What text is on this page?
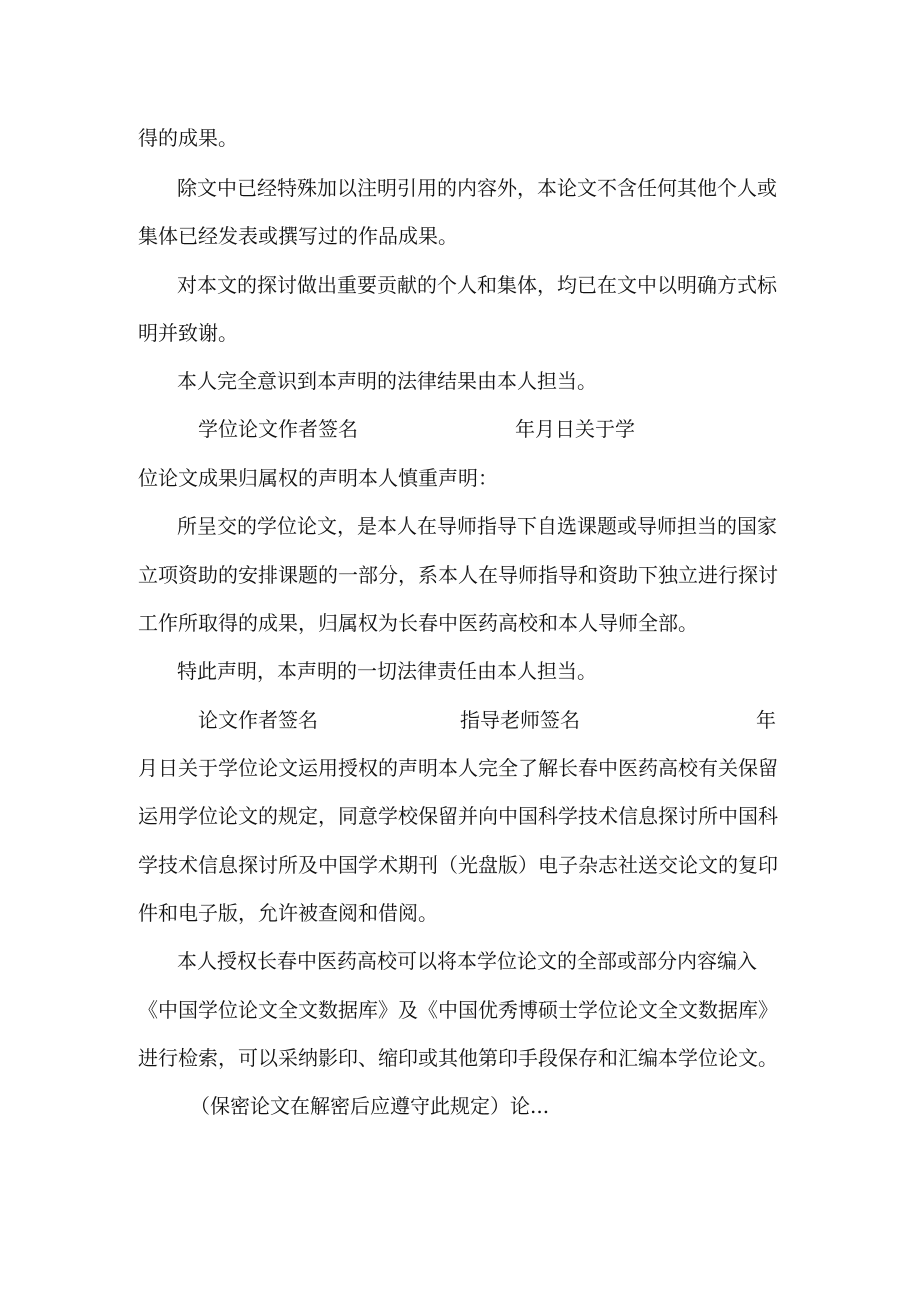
得的成果。
除文中已经特殊加以注明引用的内容外，本论文不含任何其他个人或
集体已经发表或撰写过的作品成果。
对本文的探讨做出重要贡献的个人和集体，均已在文中以明确方式标
明并致谢。
本人完全意识到本声明的法律结果由本人担当。
学位论文作者签名	年月日关于学
位论文成果归属权的声明本人慎重声明：
所呈交的学位论文，是本人在导师指导下自选课题或导师担当的国家
立项资助的安排课题的一部分，系本人在导师指导和资助下独立进行探讨
工作所取得的成果，归属权为长春中医药高校和本人导师全部。
特此声明，本声明的一切法律责任由本人担当。
论文作者签名	指导老师签名	年
月日关于学位论文运用授权的声明本人完全了解长春中医药高校有关保留
运用学位论文的规定，同意学校保留并向中国科学技术信息探讨所中国科
学技术信息探讨所及中国学术期刊（光盘版）电子杂志社送交论文的复印
件和电子版，允许被查阅和借阅。
本人授权长春中医药高校可以将本学位论文的全部或部分内容编入
《中国学位论文全文数据库》及《中国优秀博硕士学位论文全文数据库》
进行检索，可以采纳影印、缩印或其他第印手段保存和汇编本学位论文。
（保密论文在解密后应遵守此规定）论...
